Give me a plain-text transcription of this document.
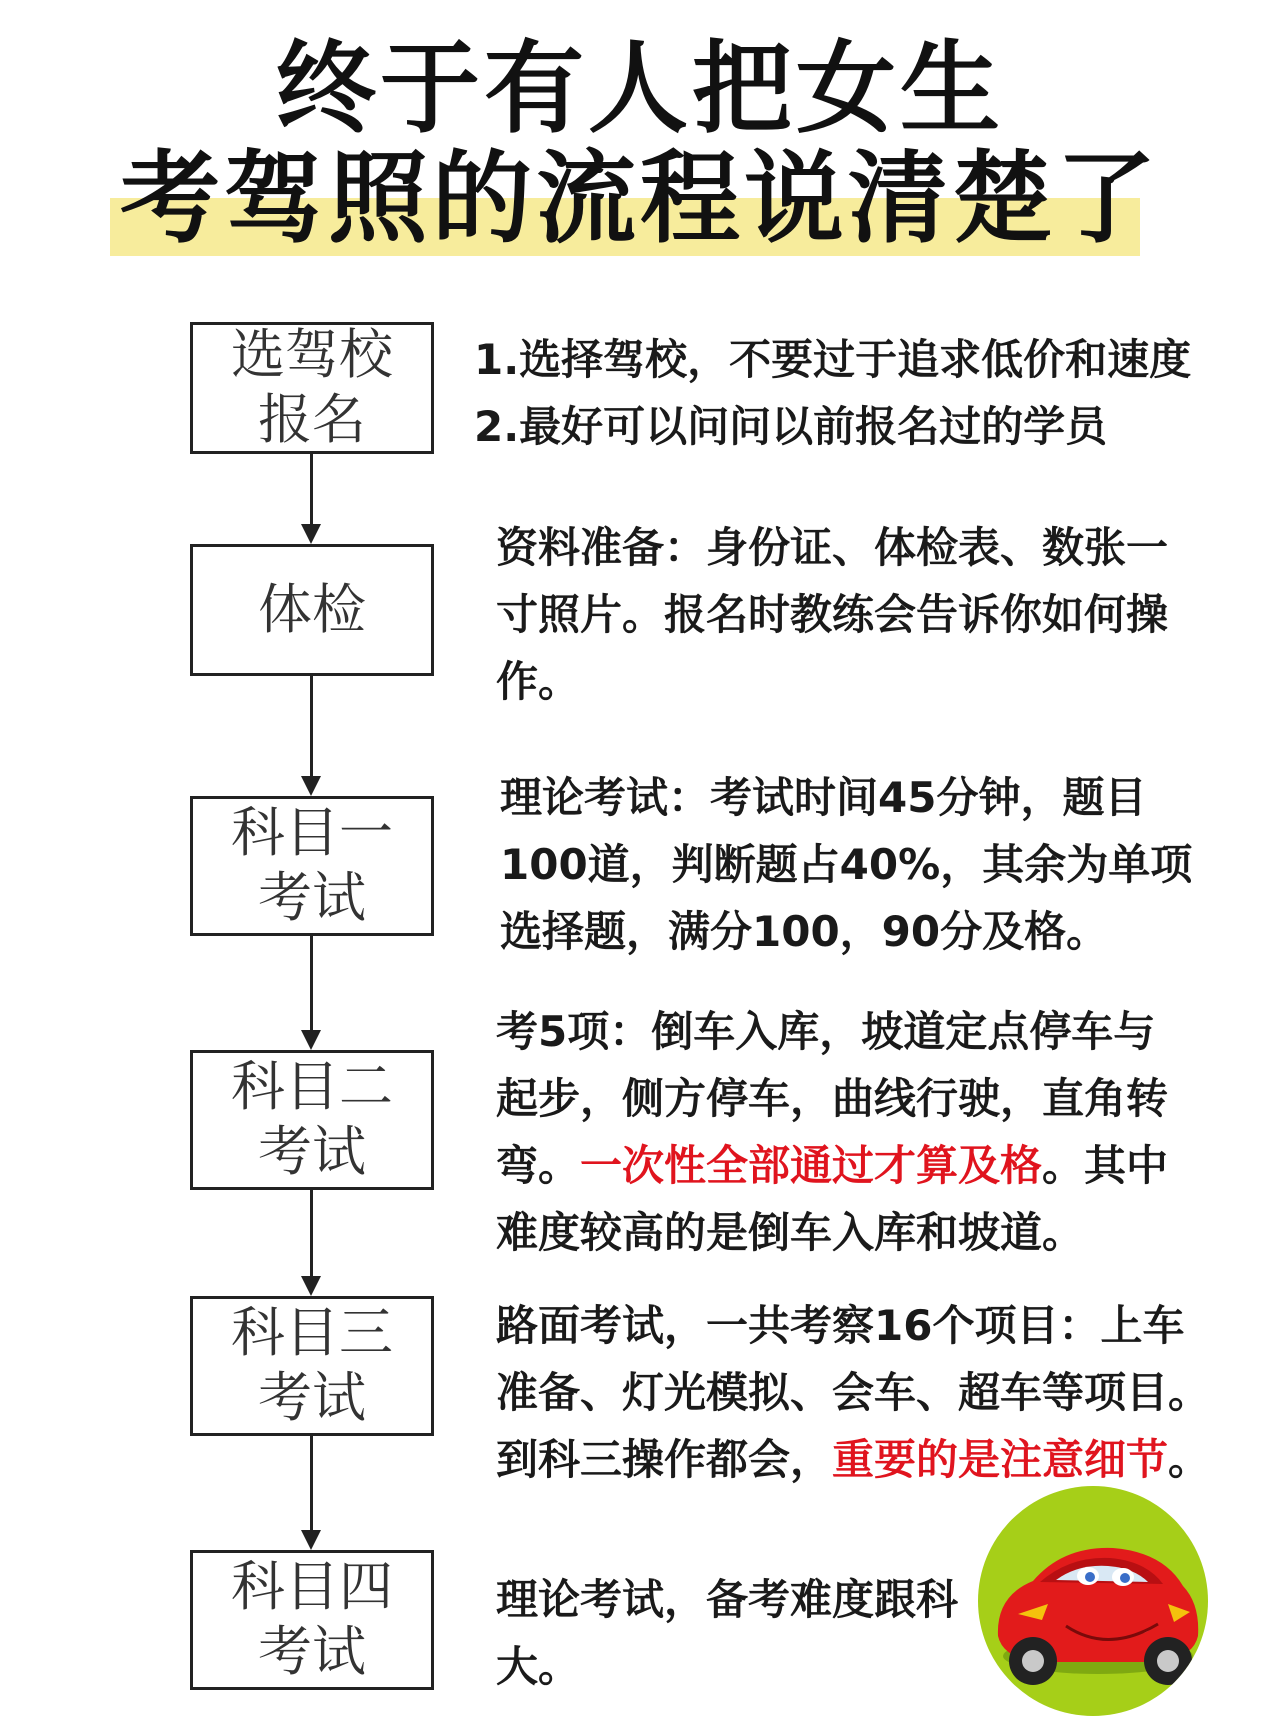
终于有人把女生
考驾照的流程说清楚了
选驾校
报名
体检
科目一
考试
科目二
考试
科目三
考试
科目四
考试

1.选择驾校，不要过于追求低价和速度

2.最好可以问问以前报名过的学员

资料准备：身份证、体检表、数张一

寸照片。报名时教练会告诉你如何操

作。

理论考试：考试时间45分钟，题目

100道，判断题占40%，其余为单项

选择题，满分100，90分及格。

考5项：倒车入库，坡道定点停车与

起步，侧方停车，曲线行驶，直角转

弯。一次性全部通过才算及格。其中

难度较高的是倒车入库和坡道。

路面考试，一共考察16个项目：上车

准备、灯光模拟、会车、超车等项目。

到科三操作都会，重要的是注意细节。

理论考试，备考难度跟科

大。
